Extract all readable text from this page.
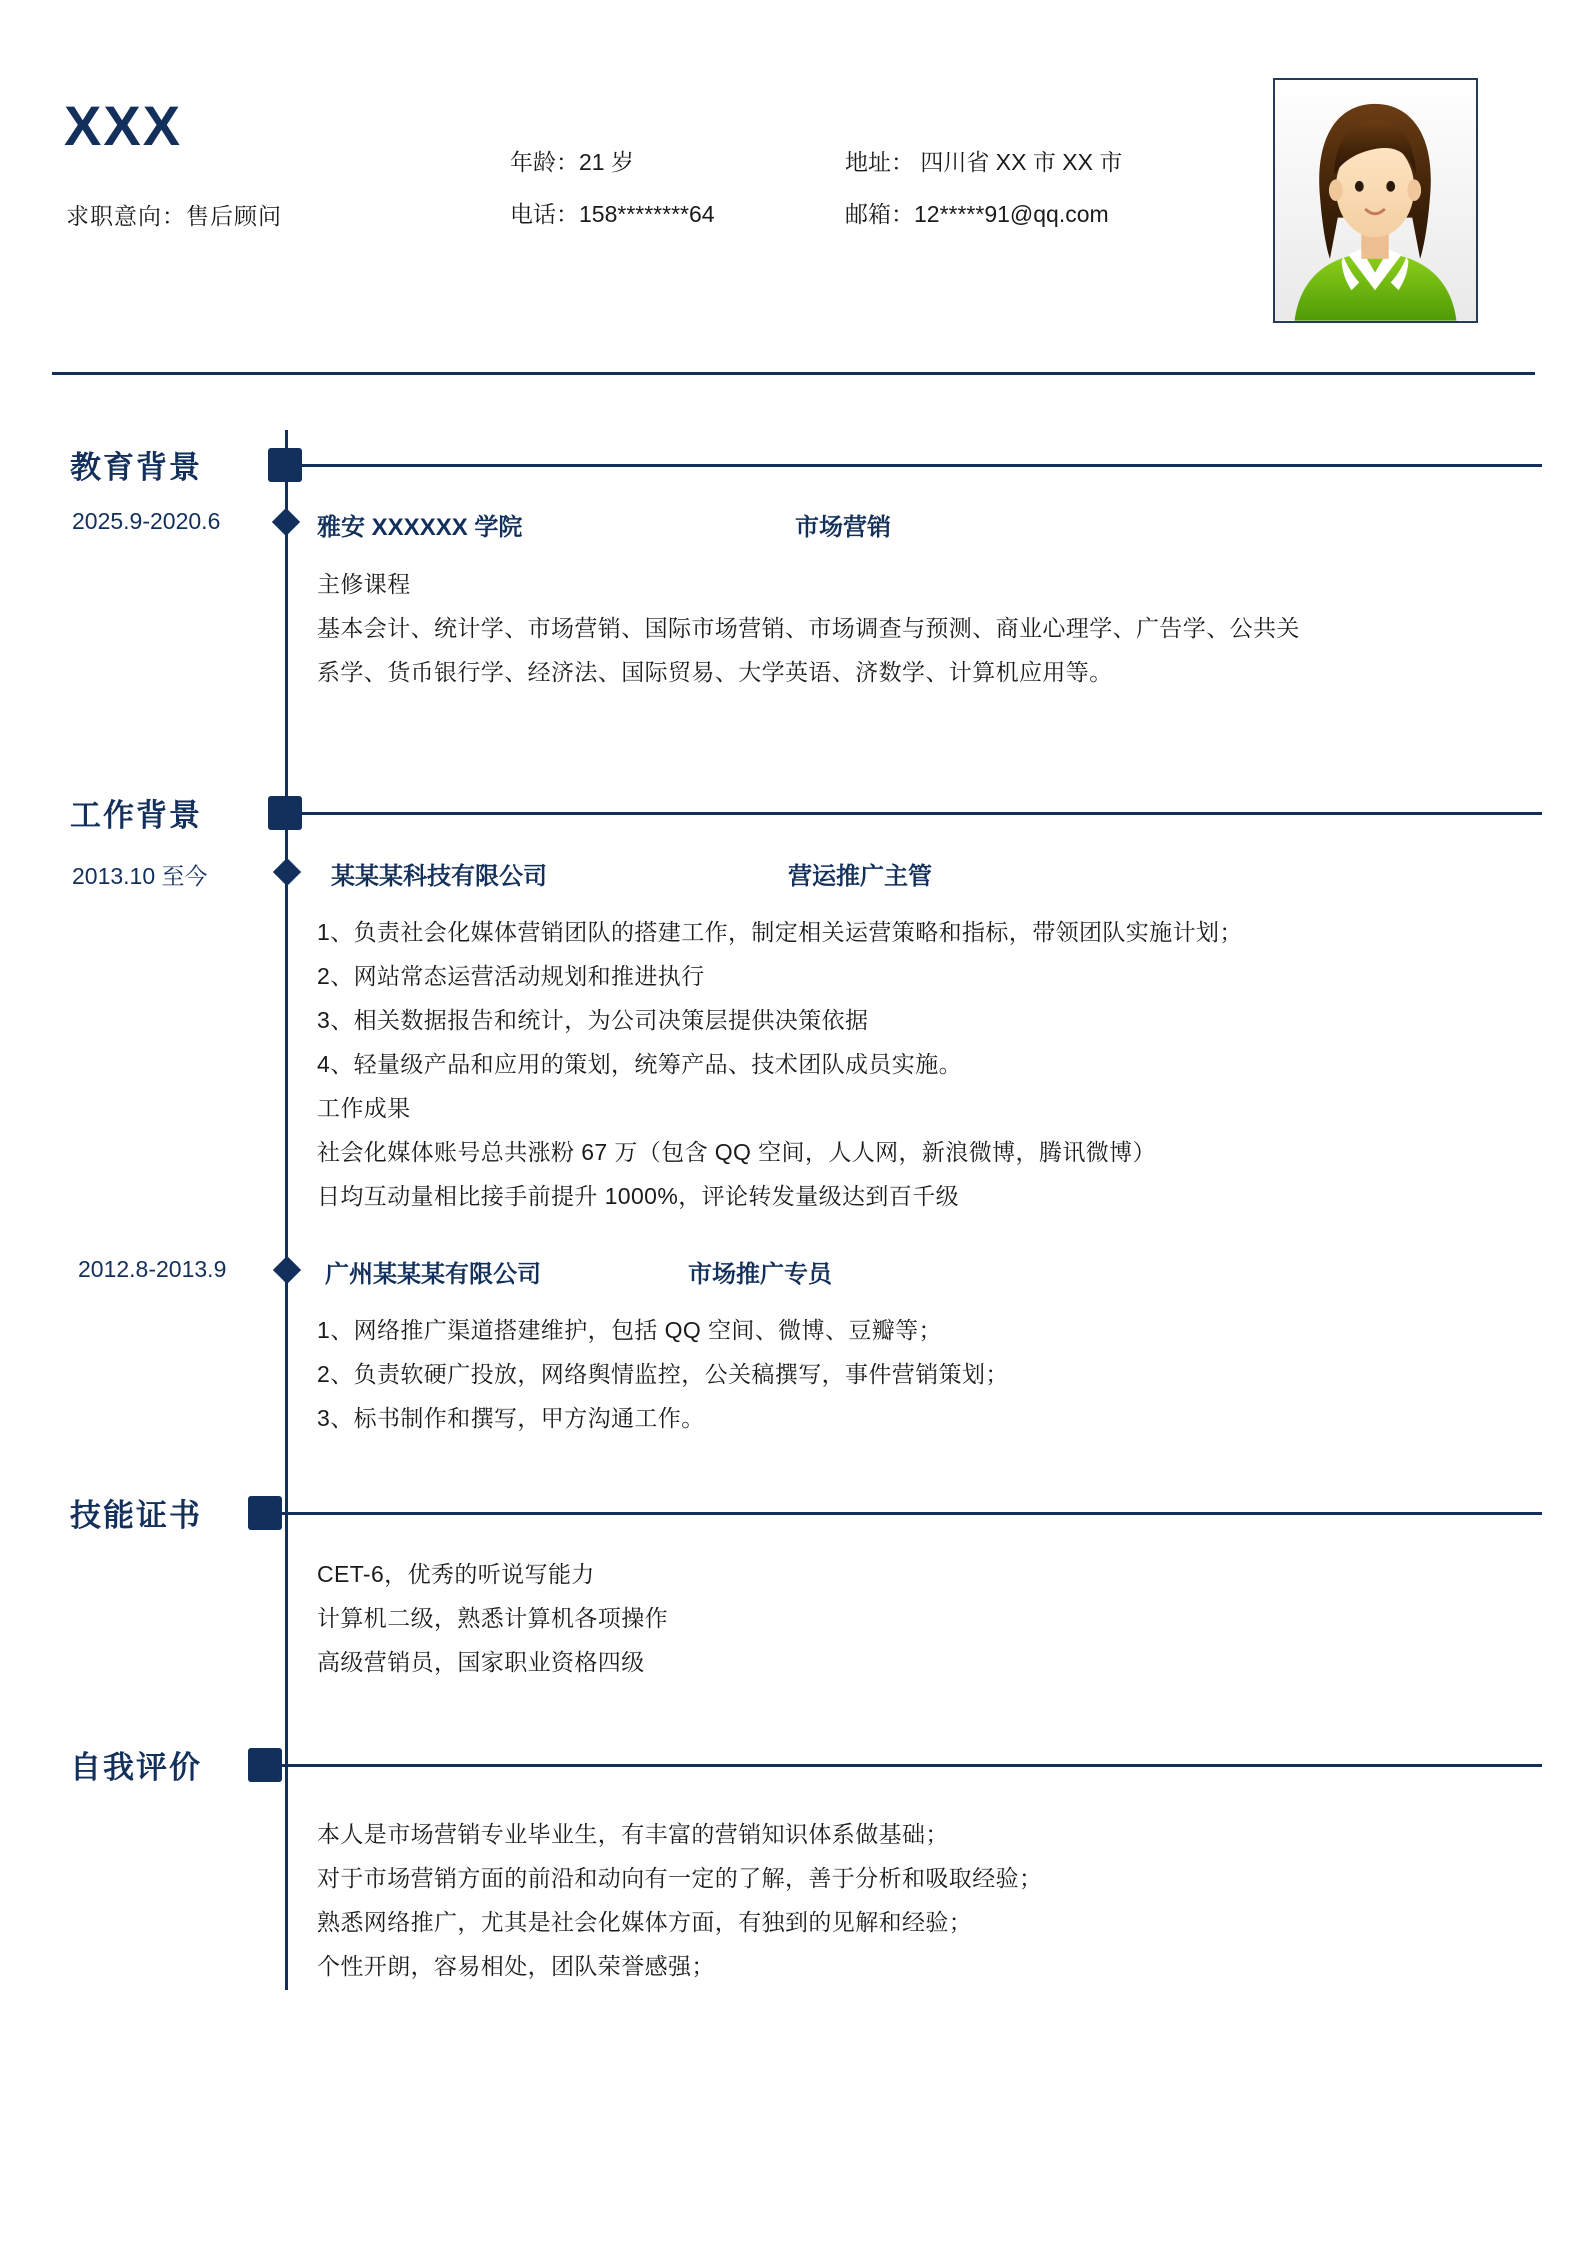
XXX
求职意向：售后顾问
年龄：21 岁
电话：158********64
地址： 四川省 XX 市 XX 市
邮箱：12*****91@qq.com
教育背景
2025.9-2020.6	雅安 XXXXXX 学院	市场营销
主修课程
基本会计、统计学、市场营销、国际市场营销、市场调查与预测、商业心理学、广告学、公共关
系学、货币银行学、经济法、国际贸易、大学英语、济数学、计算机应用等。
工作背景
2013.10 至今	某某某科技有限公司	营运推广主管
1、负责社会化媒体营销团队的搭建工作，制定相关运营策略和指标，带领团队实施计划；
2、网站常态运营活动规划和推进执行
3、相关数据报告和统计，为公司决策层提供决策依据
4、轻量级产品和应用的策划，统筹产品、技术团队成员实施。
工作成果
社会化媒体账号总共涨粉 67 万（包含 QQ 空间，人人网，新浪微博，腾讯微博）
日均互动量相比接手前提升 1000%，评论转发量级达到百千级
2012.8-2013.9	广州某某某有限公司	市场推广专员
1、网络推广渠道搭建维护，包括 QQ 空间、微博、豆瓣等；
2、负责软硬广投放，网络舆情监控，公关稿撰写，事件营销策划；
3、标书制作和撰写，甲方沟通工作。
技能证书
CET-6，优秀的听说写能力
计算机二级，熟悉计算机各项操作
高级营销员，国家职业资格四级
自我评价
本人是市场营销专业毕业生，有丰富的营销知识体系做基础；
对于市场营销方面的前沿和动向有一定的了解，善于分析和吸取经验；
熟悉网络推广，尤其是社会化媒体方面，有独到的见解和经验；
个性开朗，容易相处，团队荣誉感强；
